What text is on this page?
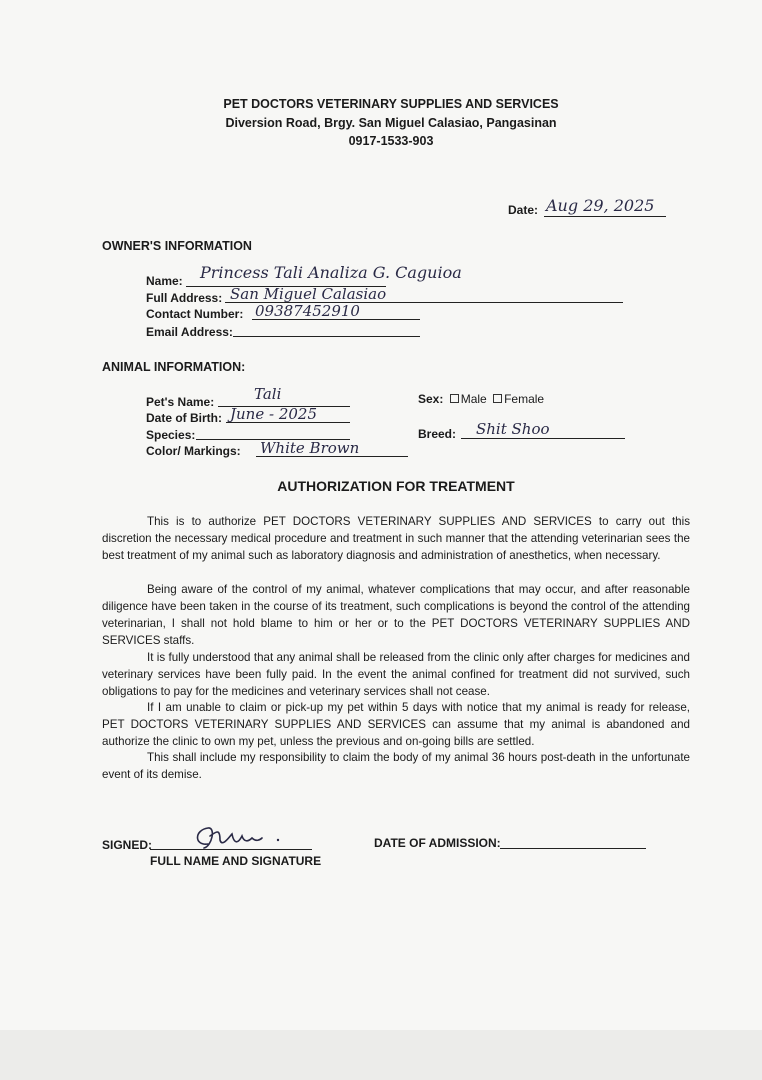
PET DOCTORS VETERINARY SUPPLIES AND SERVICES
Diversion Road, Brgy. San Miguel Calasiao, Pangasinan
0917-1533-903
Date: Aug 29, 2025
OWNER'S INFORMATION
Name: Princess Tali Analiza G. Caguioa
Full Address: San Miguel Calasiao
Contact Number: 09387452910
Email Address:
ANIMAL INFORMATION:
Pet's Name:	Tali
Date of Birth: June - 2025
Species:
Color/ Markings: White Brown
Sex: Male Female
Breed: Shit Shoo
AUTHORIZATION FOR TREATMENT

This is to authorize PET DOCTORS VETERINARY SUPPLIES AND SERVICES to carry out this discretion the necessary medical procedure and treatment in such manner that the attending veterinarian sees the best treatment of my animal such as laboratory diagnosis and administration of anesthetics, when necessary.

Being aware of the control of my animal, whatever complications that may occur, and after reasonable diligence have been taken in the course of its treatment, such complications is beyond the control of the attending veterinarian, I shall not hold blame to him or her or to the PET DOCTORS VETERINARY SUPPLIES AND SERVICES staffs.

It is fully understood that any animal shall be released from the clinic only after charges for medicines and veterinary services have been fully paid. In the event the animal confined for treatment did not survived, such obligations to pay for the medicines and veterinary services shall not cease.

If I am unable to claim or pick-up my pet within 5 days with notice that my animal is ready for release, PET DOCTORS VETERINARY SUPPLIES AND SERVICES can assume that my animal is abandoned and authorize the clinic to own my pet, unless the previous and on-going bills are settled.

This shall include my responsibility to claim the body of my animal 36 hours post-death in the unfortunate event of its demise.

SIGNED:
FULL NAME AND SIGNATURE
DATE OF ADMISSION:
